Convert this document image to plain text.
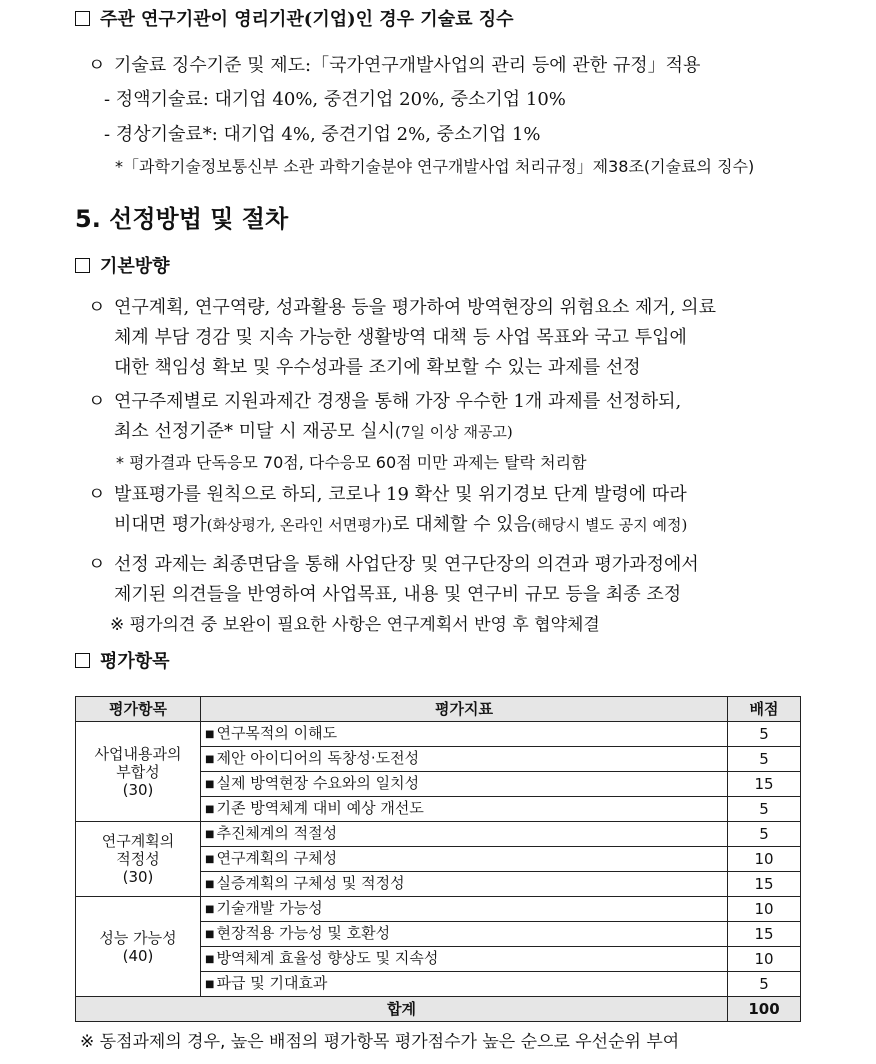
주관 연구기관이 영리기관(기업)인 경우 기술료 징수
ㅇ 기술료 징수기준 및 제도:「국가연구개발사업의 관리 등에 관한 규정」적용
- 정액기술료: 대기업 40%, 중견기업 20%, 중소기업 10%
- 경상기술료*: 대기업 4%, 중견기업 2%, 중소기업 1%
*「과학기술정보통신부 소관 과학기술분야 연구개발사업 처리규정」제38조(기술료의 징수)
5. 선정방법 및 절차
기본방향
ㅇ 연구계획, 연구역량, 성과활용 등을 평가하여 방역현장의 위험요소 제거, 의료
체계 부담 경감 및 지속 가능한 생활방역 대책 등 사업 목표와 국고 투입에
대한 책임성 확보 및 우수성과를 조기에 확보할 수 있는 과제를 선정
ㅇ 연구주제별로 지원과제간 경쟁을 통해 가장 우수한 1개 과제를 선정하되,
최소 선정기준* 미달 시 재공모 실시(7일 이상 재공고)
* 평가결과 단독응모 70점, 다수응모 60점 미만 과제는 탈락 처리함
ㅇ 발표평가를 원칙으로 하되, 코로나 19 확산 및 위기경보 단계 발령에 따라
비대면 평가(화상평가, 온라인 서면평가)로 대체할 수 있음(해당시 별도 공지 예정)
ㅇ 선정 과제는 최종면담을 통해 사업단장 및 연구단장의 의견과 평가과정에서
제기된 의견들을 반영하여 사업목표, 내용 및 연구비 규모 등을 최종 조정
※ 평가의견 중 보완이 필요한 사항은 연구계획서 반영 후 협약체결
평가항목
평가항목	평가지표	배점

사업내용과의
부합성
(30)	■ 연구목적의 이해도	5
	■ 제안 아이디어의 독창성·도전성	5
	■ 실제 방역현장 수요와의 일치성	15
	■ 기존 방역체계 대비 예상 개선도	5

연구계획의
적정성
(30)	■ 추진체계의 적절성	5
	■ 연구계획의 구체성	10
	■ 실증계획의 구체성 및 적정성	15

성능 가능성
(40)	■ 기술개발 가능성	10
	■ 현장적용 가능성 및 호환성	15
	■ 방역체계 효율성 향상도 및 지속성	10
	■ 파급 및 기대효과	5
합계		100
※ 동점과제의 경우, 높은 배점의 평가항목 평가점수가 높은 순으로 우선순위 부여
